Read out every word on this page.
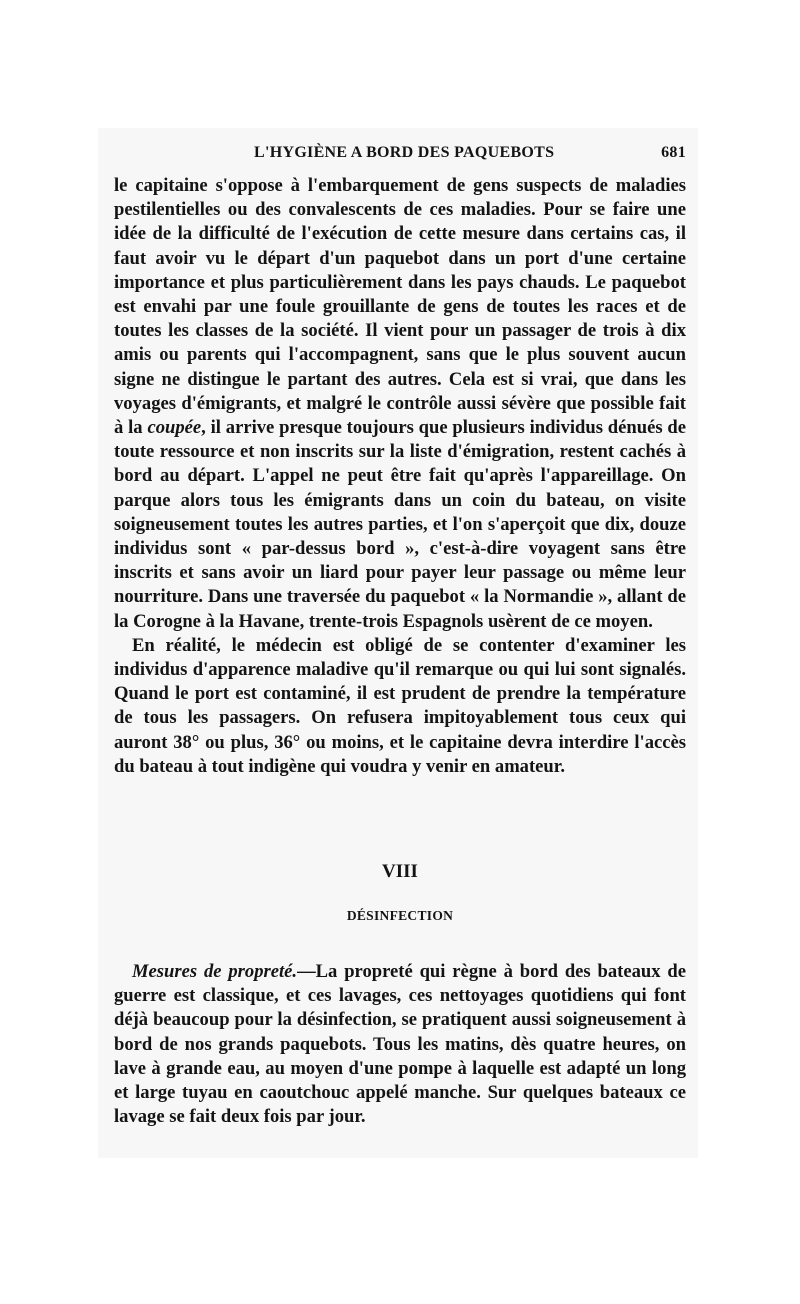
L'HYGIÈNE A BORD DES PAQUEBOTS	681

le capitaine s'oppose à l'embarquement de gens suspects de maladies pestilentielles ou des convalescents de ces maladies. Pour se faire une idée de la difficulté de l'exécution de cette mesure dans certains cas, il faut avoir vu le départ d'un paquebot dans un port d'une certaine importance et plus particulièrement dans les pays chauds. Le paquebot est envahi par une foule grouillante de gens de toutes les races et de toutes les classes de la société. Il vient pour un passager de trois à dix amis ou parents qui l'accompagnent, sans que le plus souvent aucun signe ne distingue le partant des autres. Cela est si vrai, que dans les voyages d'émigrants, et malgré le contrôle aussi sévère que possible fait à la coupée, il arrive presque toujours que plusieurs individus dénués de toute ressource et non inscrits sur la liste d'émigration, restent cachés à bord au départ. L'appel ne peut être fait qu'après l'appareillage. On parque alors tous les émigrants dans un coin du bateau, on visite soigneusement toutes les autres parties, et l'on s'aperçoit que dix, douze individus sont « par-dessus bord », c'est-à-dire voyagent sans être inscrits et sans avoir un liard pour payer leur passage ou même leur nourriture. Dans une traversée du paquebot « la Normandie », allant de la Corogne à la Havane, trente-trois Espagnols usèrent de ce moyen.

En réalité, le médecin est obligé de se contenter d'examiner les individus d'apparence maladive qu'il remarque ou qui lui sont signalés. Quand le port est contaminé, il est prudent de prendre la température de tous les passagers. On refusera impitoyablement tous ceux qui auront 38° ou plus, 36° ou moins, et le capitaine devra interdire l'accès du bateau à tout indigène qui voudra y venir en amateur.

VIII
DÉSINFECTION

Mesures de propreté.—La propreté qui règne à bord des bateaux de guerre est classique, et ces lavages, ces nettoyages quotidiens qui font déjà beaucoup pour la désinfection, se pratiquent aussi soigneusement à bord de nos grands paquebots. Tous les matins, dès quatre heures, on lave à grande eau, au moyen d'une pompe à laquelle est adapté un long et large tuyau en caoutchouc appelé manche. Sur quelques bateaux ce lavage se fait deux fois par jour.
